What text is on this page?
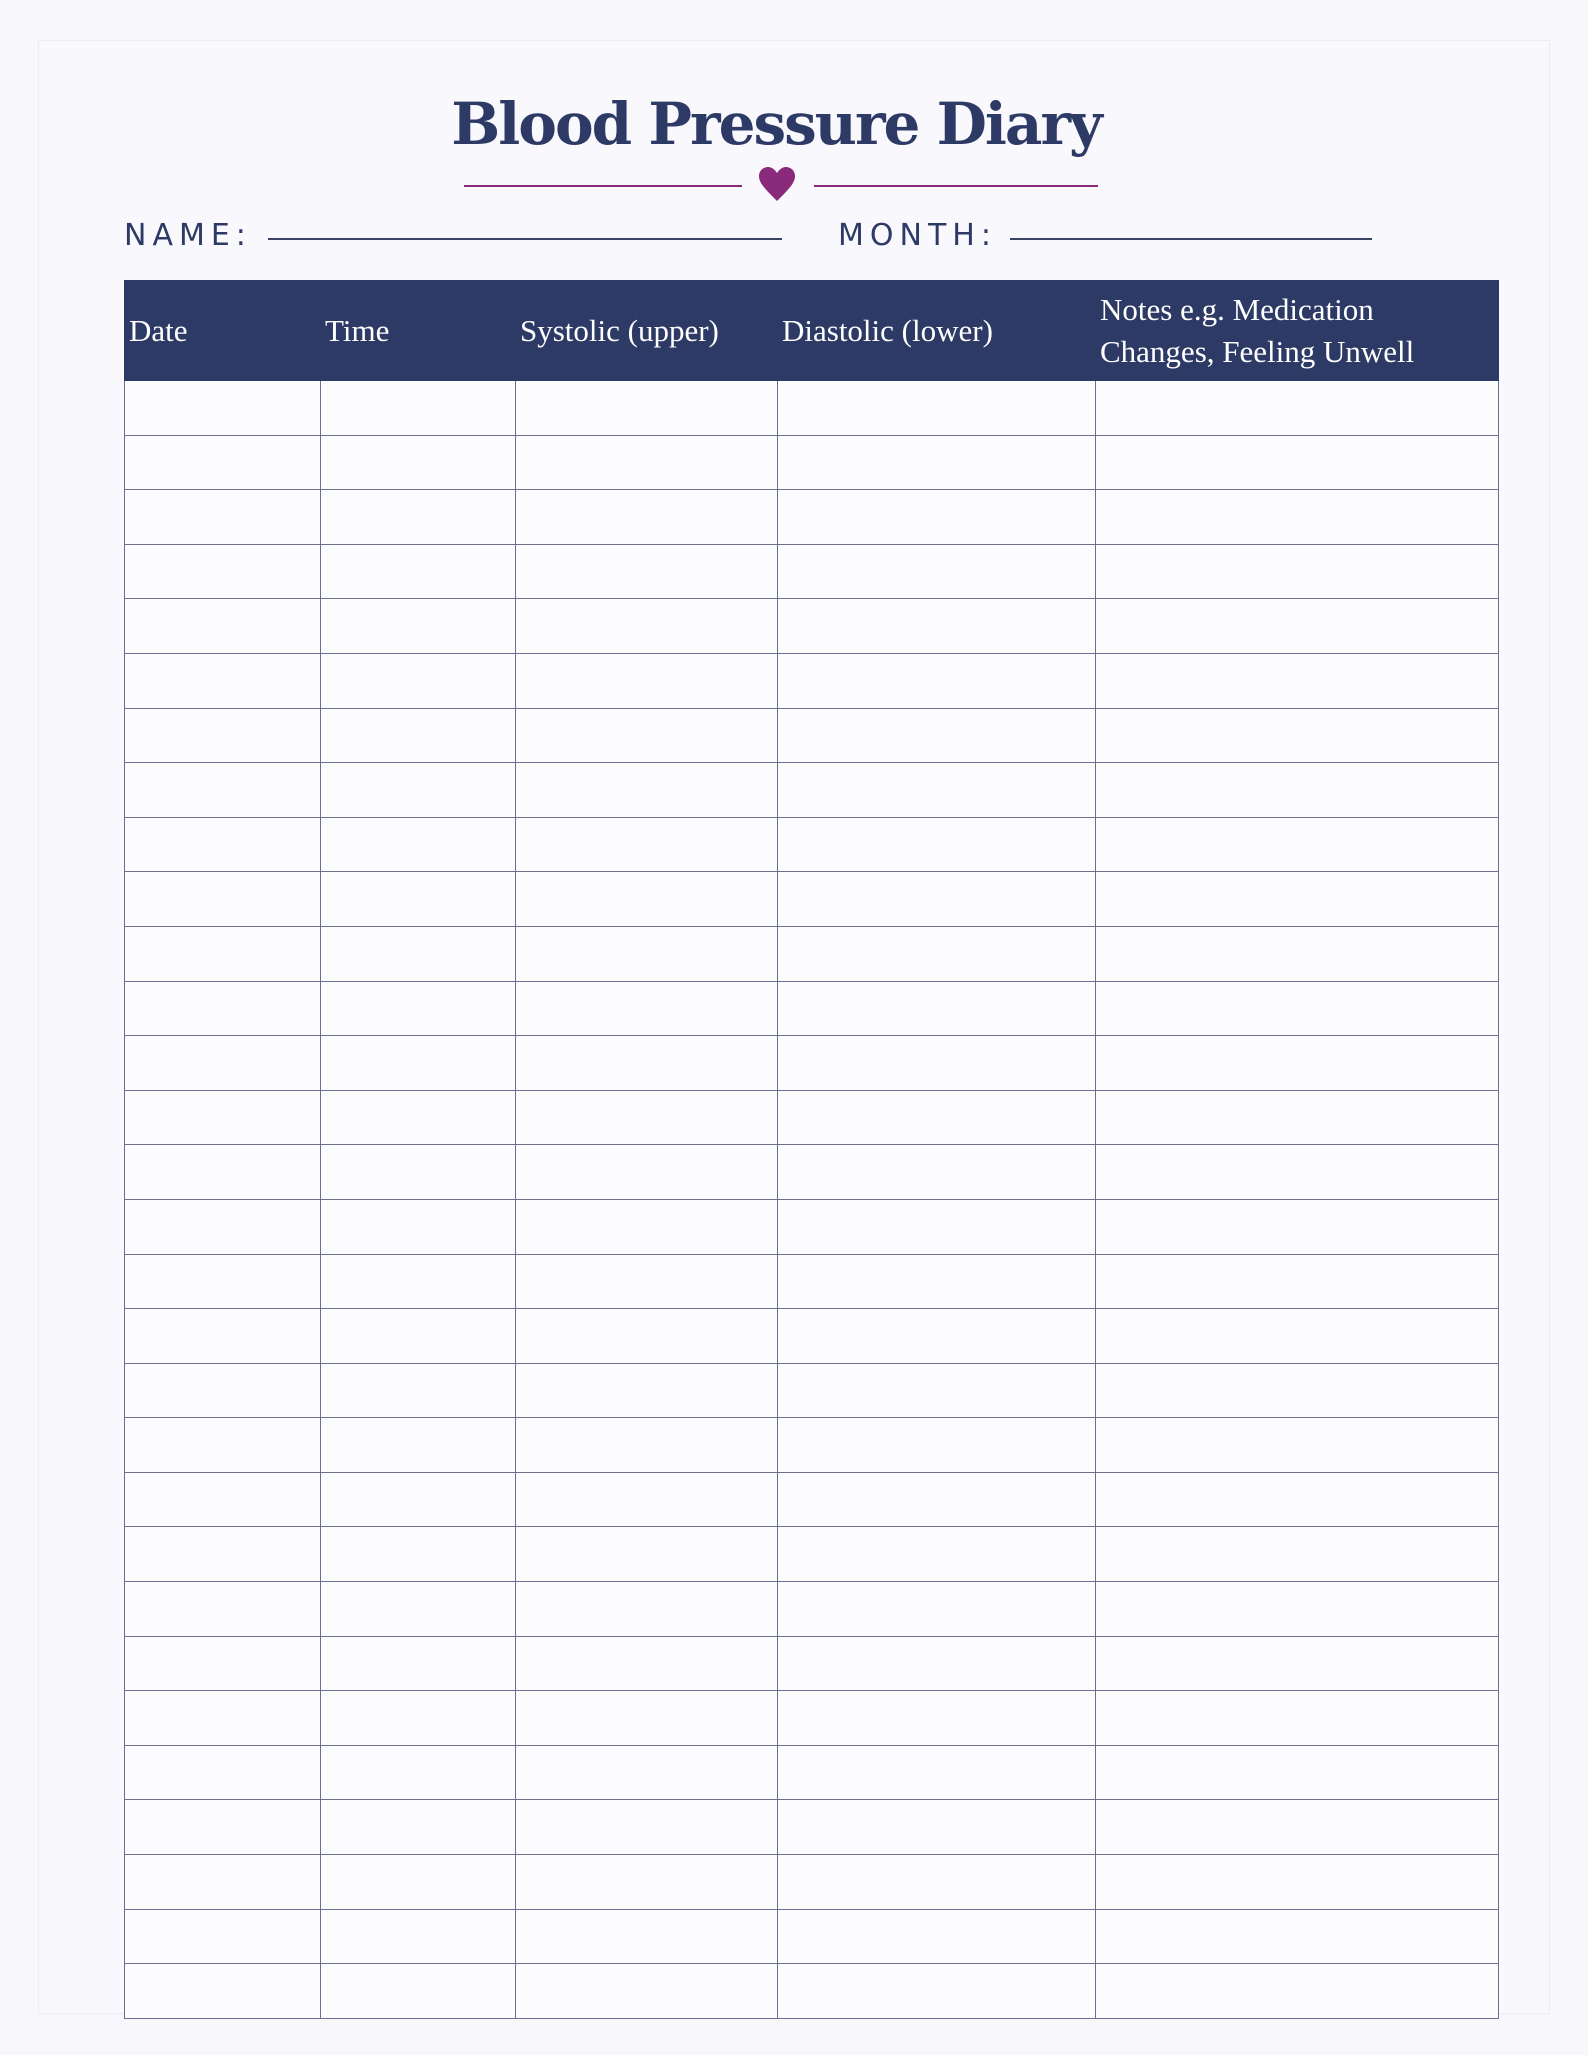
Blood Pressure Diary
NAME:	MONTH:
Date	Time	Systolic (upper)	Diastolic (lower)	Notes e.g. Medication Changes, Feeling Unwell
